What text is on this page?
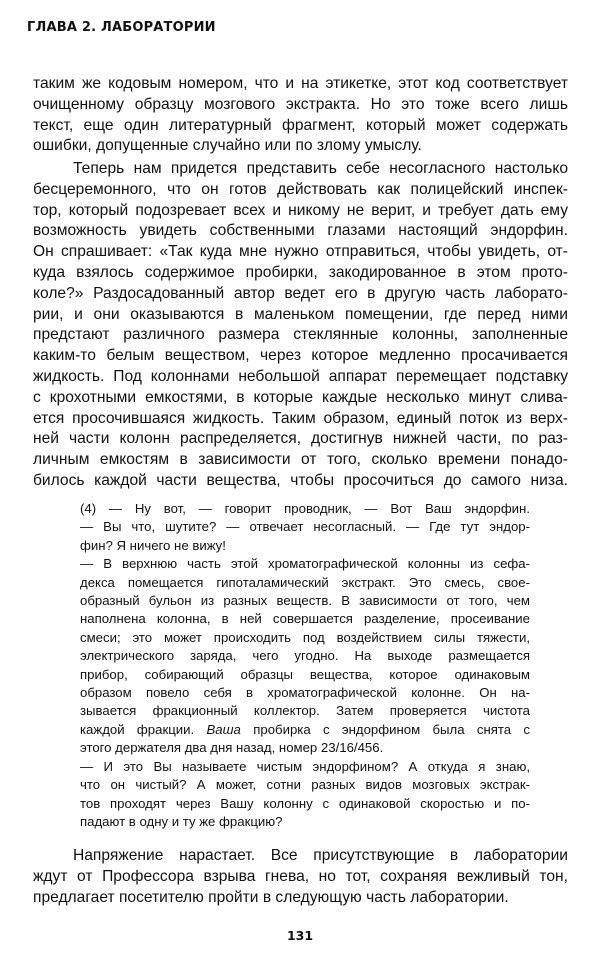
ГЛАВА 2. ЛАБОРАТОРИИ
таким же кодовым номером, что и на этикетке, этот код соответствует
очищенному образцу мозгового экстракта. Но это тоже всего лишь
текст, еще один литературный фрагмент, который может содержать
ошибки, допущенные случайно или по злому умыслу.
Теперь нам придется представить себе несогласного настолько
бесцеремонного, что он готов действовать как полицейский инспек-
тор, который подозревает всех и никому не верит, и требует дать ему
возможность увидеть собственными глазами настоящий эндорфин.
Он спрашивает: «Так куда мне нужно отправиться, чтобы увидеть, от-
куда взялось содержимое пробирки, закодированное в этом прото-
коле?» Раздосадованный автор ведет его в другую часть лаборато-
рии, и они оказываются в маленьком помещении, где перед ними
предстают различного размера стеклянные колонны, заполненные
каким-то белым веществом, через которое медленно просачивается
жидкость. Под колоннами небольшой аппарат перемещает подставку
с крохотными емкостями, в которые каждые несколько минут слива-
ется просочившаяся жидкость. Таким образом, единый поток из верх-
ней части колонн распределяется, достигнув нижней части, по раз-
личным емкостям в зависимости от того, сколько времени понадо-
билось каждой части вещества, чтобы просочиться до самого низа.
(4) — Ну вот, — говорит проводник, — Вот Ваш эндорфин.
— Вы что, шутите? — отвечает несогласный. — Где тут эндор-
фин? Я ничего не вижу!
— В верхнюю часть этой хроматографической колонны из сефа-
декса помещается гипоталамический экстракт. Это смесь, свое-
образный бульон из разных веществ. В зависимости от того, чем
наполнена колонна, в ней совершается разделение, просеивание
смеси; это может происходить под воздействием силы тяжести,
электрического заряда, чего угодно. На выходе размещается
прибор, собирающий образцы вещества, которое одинаковым
образом повело себя в хроматографической колонне. Он на-
зывается фракционный коллектор. Затем проверяется чистота
каждой фракции. Ваша пробирка с эндорфином была снята с
этого держателя два дня назад, номер 23/16/456.
— И это Вы называете чистым эндорфином? А откуда я знаю,
что он чистый? А может, сотни разных видов мозговых экстрак-
тов проходят через Вашу колонну с одинаковой скоростью и по-
падают в одну и ту же фракцию?
Напряжение нарастает. Все присутствующие в лаборатории
ждут от Профессора взрыва гнева, но тот, сохраняя вежливый тон,
предлагает посетителю пройти в следующую часть лаборатории.
131
